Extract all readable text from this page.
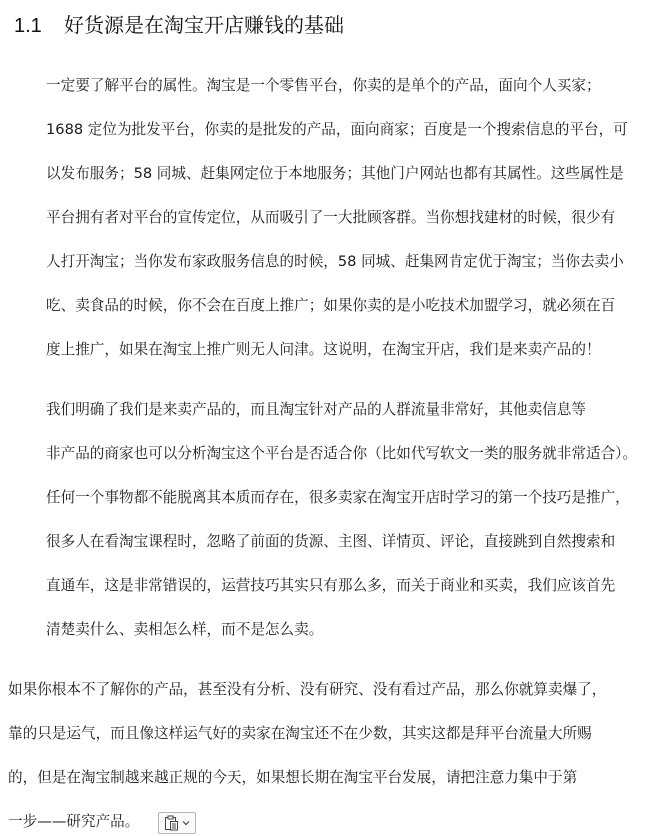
1.1 好货源是在淘宝开店赚钱的基础

一定要了解平台的属性。淘宝是一个零售平台，你卖的是单个的产品，面向个人买家；
1688 定位为批发平台，你卖的是批发的产品，面向商家；百度是一个搜索信息的平台，可
以发布服务；58 同城、赶集网定位于本地服务；其他门户网站也都有其属性。这些属性是
平台拥有者对平台的宣传定位，从而吸引了一大批顾客群。当你想找建材的时候，很少有
人打开淘宝；当你发布家政服务信息的时候，58 同城、赶集网肯定优于淘宝；当你去卖小
吃、卖食品的时候，你不会在百度上推广；如果你卖的是小吃技术加盟学习，就必须在百
度上推广，如果在淘宝上推广则无人问津。这说明，在淘宝开店，我们是来卖产品的！

我们明确了我们是来卖产品的，而且淘宝针对产品的人群流量非常好，其他卖信息等
非产品的商家也可以分析淘宝这个平台是否适合你（比如代写软文一类的服务就非常适合）。
任何一个事物都不能脱离其本质而存在，很多卖家在淘宝开店时学习的第一个技巧是推广，
很多人在看淘宝课程时，忽略了前面的货源、主图、详情页、评论，直接跳到自然搜索和
直通车，这是非常错误的，运营技巧其实只有那么多，而关于商业和买卖，我们应该首先
清楚卖什么、卖相怎么样，而不是怎么卖。

如果你根本不了解你的产品，甚至没有分析、没有研究、没有看过产品，那么你就算卖爆了，
靠的只是运气，而且像这样运气好的卖家在淘宝还不在少数，其实这都是拜平台流量大所赐
的，但是在淘宝制越来越正规的今天，如果想长期在淘宝平台发展，请把注意力集中于第
一步——研究产品。
